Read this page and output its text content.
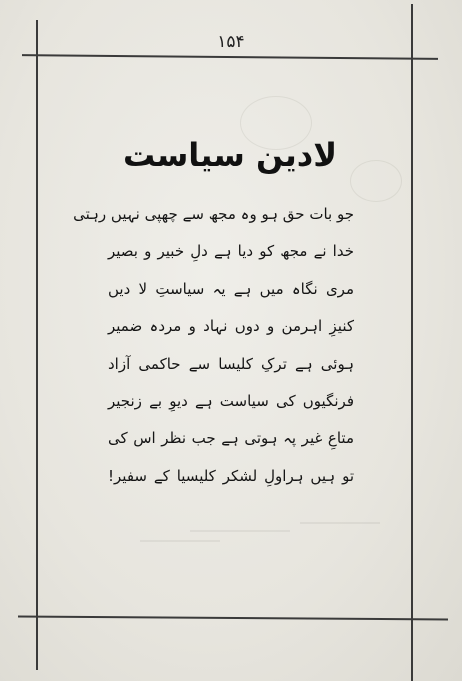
۱۵۴
لادین سیاست
جو بات حق ہو وہ مجھ سے چھپی نہیں رہتی
خدا نے مجھ کو دیا ہے دلِ خبیر و بصیر
مری نگاہ میں ہے یہ سیاستِ لا دیں
کنیزِ اہرمن و دوں نہاد و مردہ ضمیر
ہوئی ہے ترکِ کلیسا سے حاکمی آزاد
فرنگیوں کی سیاست ہے دیوِ بے زنجیر
متاعِ غیر پہ ہوتی ہے جب نظر اس کی
تو ہیں ہراولِ لشکر کلیسیا کے سفیر!
